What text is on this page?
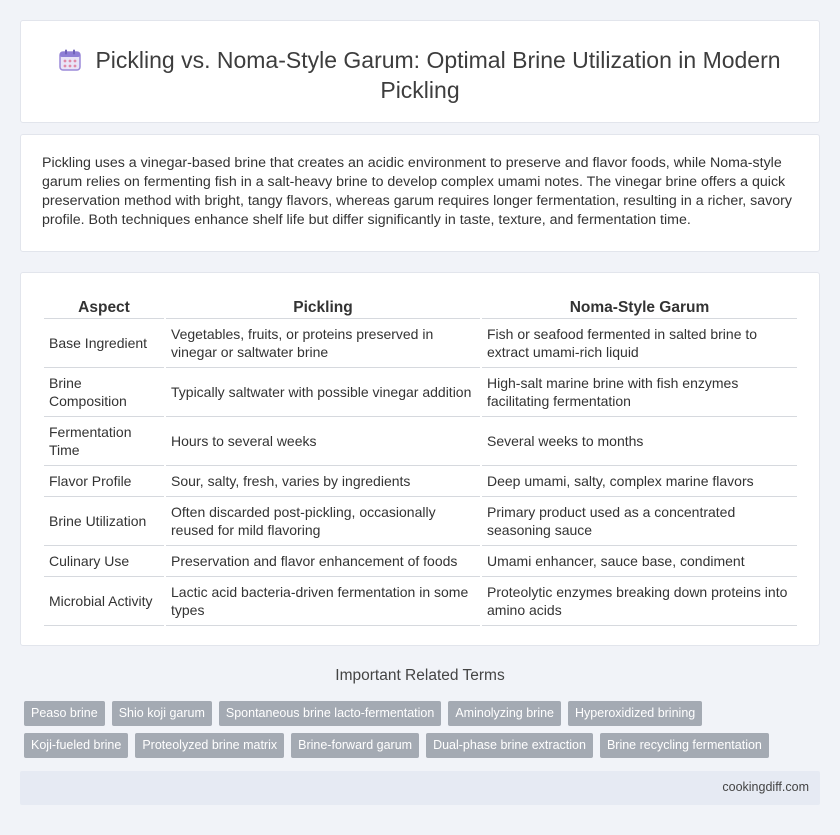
Pickling vs. Noma-Style Garum: Optimal Brine Utilization in Modern Pickling

Pickling uses a vinegar-based brine that creates an acidic environment to preserve and flavor foods, while Noma-style garum relies on fermenting fish in a salt-heavy brine to develop complex umami notes. The vinegar brine offers a quick preservation method with bright, tangy flavors, whereas garum requires longer fermentation, resulting in a richer, savory profile. Both techniques enhance shelf life but differ significantly in taste, texture, and fermentation time.

Aspect	Pickling	Noma-Style Garum
Base Ingredient	Vegetables, fruits, or proteins preserved in vinegar or saltwater brine	Fish or seafood fermented in salted brine to extract umami-rich liquid
Brine Composition	Typically saltwater with possible vinegar addition	High-salt marine brine with fish enzymes facilitating fermentation
Fermentation Time	Hours to several weeks	Several weeks to months
Flavor Profile	Sour, salty, fresh, varies by ingredients	Deep umami, salty, complex marine flavors
Brine Utilization	Often discarded post-pickling, occasionally reused for mild flavoring	Primary product used as a concentrated seasoning sauce
Culinary Use	Preservation and flavor enhancement of foods	Umami enhancer, sauce base, condiment
Microbial Activity	Lactic acid bacteria-driven fermentation in some types	Proteolytic enzymes breaking down proteins into amino acids
Important Related Terms
Peaso brine	Shio koji garum	Spontaneous brine lacto-fermentation	Aminolyzing brine	Hyperoxidized brining
Koji-fueled brine	Proteolyzed brine matrix	Brine-forward garum	Dual-phase brine extraction	Brine recycling fermentation
cookingdiff.com
